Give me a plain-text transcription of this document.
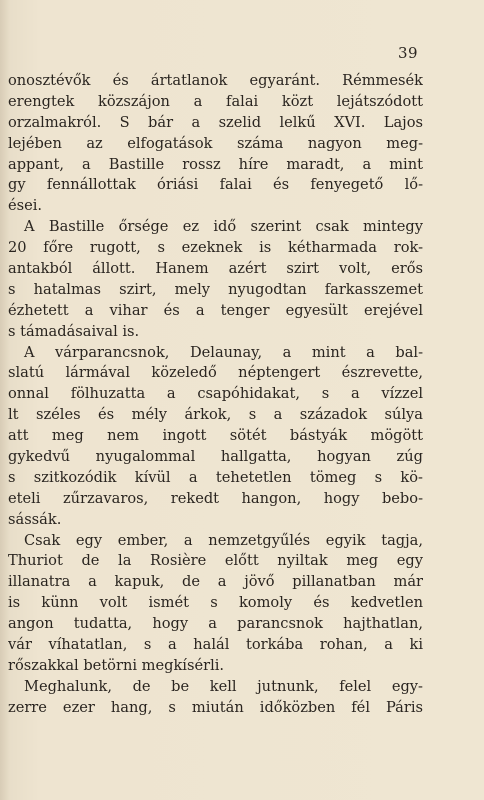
39
onosztévők és ártatlanok egyaránt. Rémmesék
erengtek közszájon a falai közt lejátszódott
orzalmakról. S bár a szelid lelkű XVI. Lajos
lejében az elfogatások száma nagyon meg-
appant, a Bastille rossz híre maradt, a mint
gy fennállottak óriási falai és fenyegető lő-
ései.
A Bastille őrsége ez idő szerint csak mintegy
20 főre rugott, s ezeknek is kétharmada rok-
antakból állott. Hanem azért szirt volt, erős
s hatalmas szirt, mely nyugodtan farkasszemet
ézhetett a vihar és a tenger egyesült erejével
s támadásaival is.
A várparancsnok, Delaunay, a mint a bal-
slatú lármával közeledő néptengert észrevette,
onnal fölhuzatta a csapóhidakat, s a vízzel
lt széles és mély árkok, s a századok súlya
att meg nem ingott sötét bástyák mögött
gykedvű nyugalommal hallgatta, hogyan zúg
s szitkozódik kívül a tehetetlen tömeg s kö-
eteli zűrzavaros, rekedt hangon, hogy bebo-
sássák.
Csak egy ember, a nemzetgyűlés egyik tagja,
Thuriot de la Rosière előtt nyiltak meg egy
illanatra a kapuk, de a jövő pillanatban már
is künn volt ismét s komoly és kedvetlen
angon tudatta, hogy a parancsnok hajthatlan,
vár víhatatlan, s a halál torkába rohan, a ki
rőszakkal betörni megkísérli.
Meghalunk, de be kell jutnunk, felel egy-
zerre ezer hang, s miután időközben fél Páris
